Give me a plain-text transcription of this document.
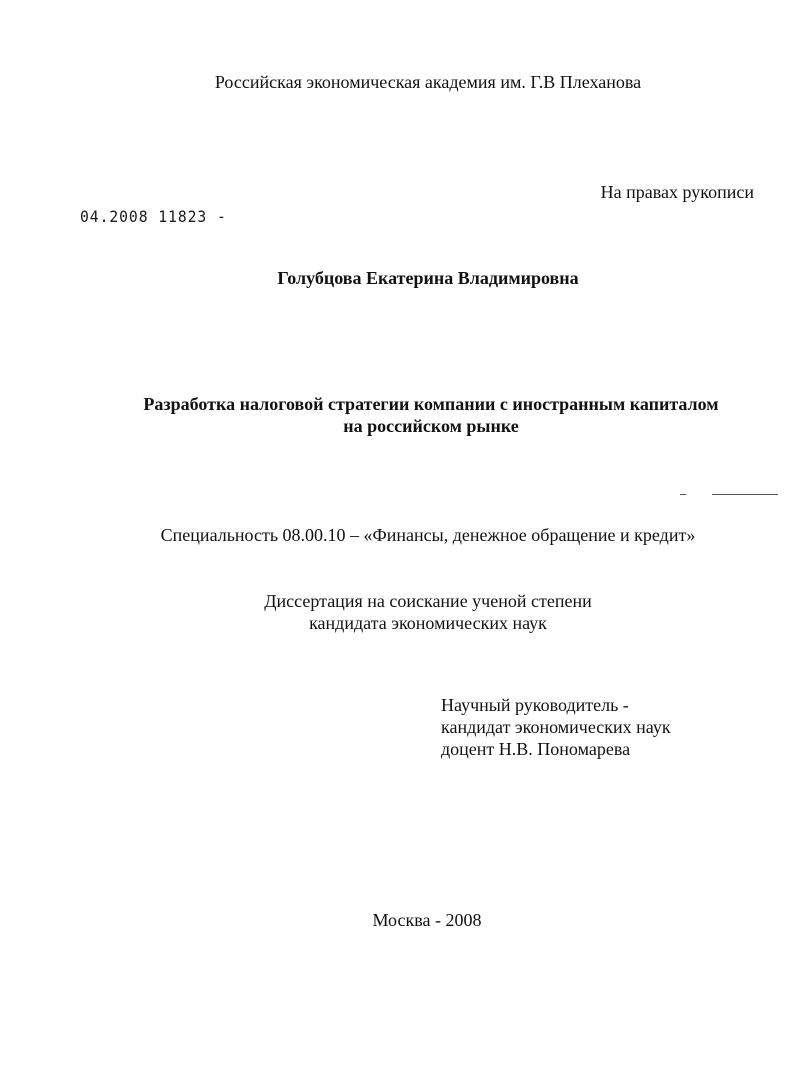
Российская экономическая академия им. Г.В Плеханова
На правах рукописи
04.2008 11823 -
Голубцова Екатерина Владимировна
Разработка налоговой стратегии компании с иностранным капиталом
на российском рынке
Специальность 08.00.10 – «Финансы, денежное обращение и кредит»
Диссертация на соискание ученой степени
кандидата экономических наук
Научный руководитель -
кандидат экономических наук
доцент Н.В. Пономарева
Москва - 2008
